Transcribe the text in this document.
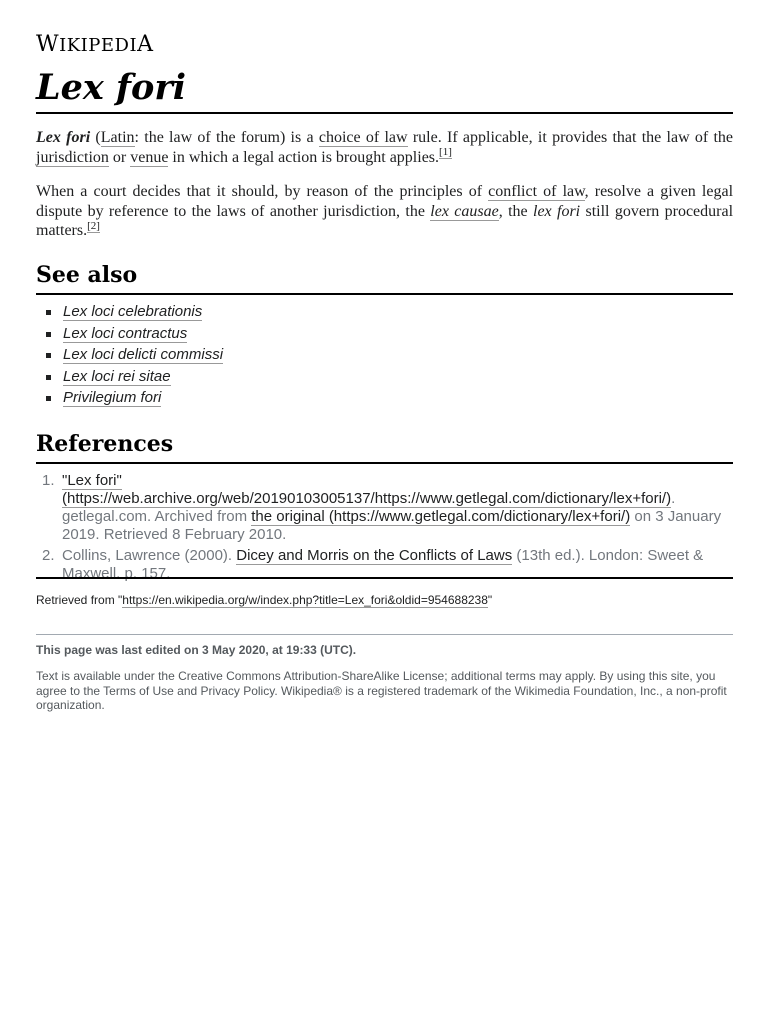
WIKIPEDIA
Lex fori

Lex fori (Latin: the law of the forum) is a choice of law rule. If applicable, it provides that the law of the jurisdiction or venue in which a legal action is brought applies.[1]

When a court decides that it should, by reason of the principles of conflict of law, resolve a given legal dispute by reference to the laws of another jurisdiction, the lex causae, the lex fori still govern procedural matters.[2]

See also
Lex loci celebrationis
Lex loci contractus
Lex loci delicti commissi
Lex loci rei sitae
Privilegium fori
References
1. "Lex fori" (https://web.archive.org/web/20190103005137/https://www.getlegal.com/dictionary/lex+fori/). getlegal.com. Archived from the original (https://www.getlegal.com/dictionary/lex+fori/) on 3 January 2019. Retrieved 8 February 2010.
2. Collins, Lawrence (2000). Dicey and Morris on the Conflicts of Laws (13th ed.). London: Sweet & Maxwell. p. 157.
Retrieved from "https://en.wikipedia.org/w/index.php?title=Lex_fori&oldid=954688238"
This page was last edited on 3 May 2020, at 19:33 (UTC).

Text is available under the Creative Commons Attribution-ShareAlike License; additional terms may apply. By using this site, you agree to the Terms of Use and Privacy Policy. Wikipedia® is a registered trademark of the Wikimedia Foundation, Inc., a non-profit organization.
